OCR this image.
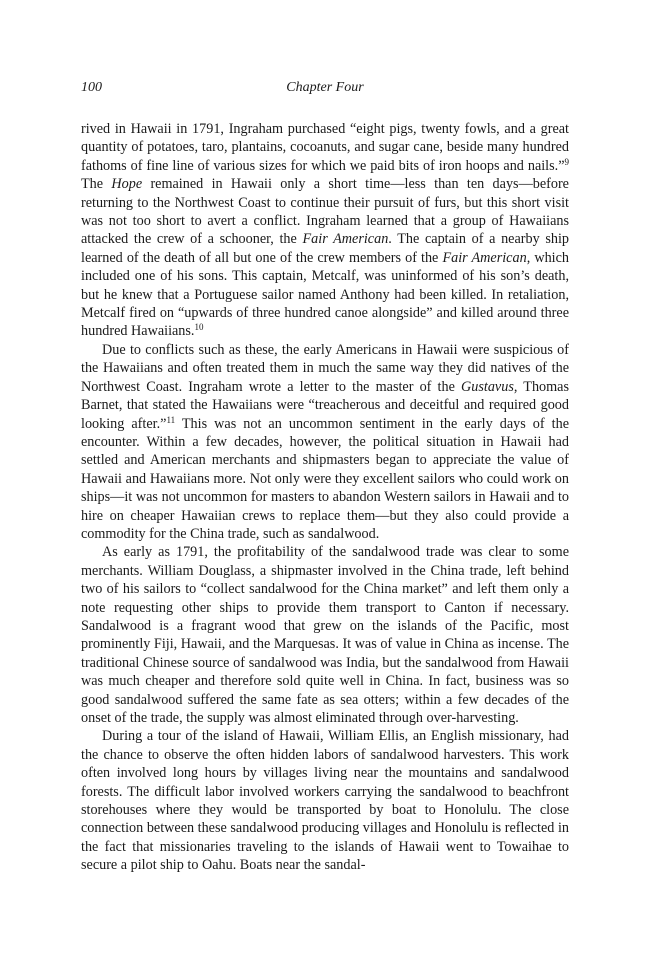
100	Chapter Four

rived in Hawaii in 1791, Ingraham purchased “eight pigs, twenty fowls, and a great quantity of potatoes, taro, plantains, cocoanuts, and sugar cane, beside many hundred fathoms of fine line of various sizes for which we paid bits of iron hoops and nails.”$^9$ The Hope remained in Hawaii only a short time—less than ten days—before returning to the Northwest Coast to continue their pursuit of furs, but this short visit was not too short to avert a conflict. Ingraham learned that a group of Hawaiians attacked the crew of a schooner, the Fair American. The captain of a nearby ship learned of the death of all but one of the crew members of the Fair American, which included one of his sons. This captain, Metcalf, was uninformed of his son’s death, but he knew that a Portuguese sailor named Anthony had been killed. In retaliation, Metcalf fired on “upwards of three hundred canoe alongside” and killed around three hundred Hawaiians.$^{10}$

Due to conflicts such as these, the early Americans in Hawaii were suspicious of the Hawaiians and often treated them in much the same way they did natives of the Northwest Coast. Ingraham wrote a letter to the master of the Gustavus, Thomas Barnet, that stated the Hawaiians were “treacherous and deceitful and required good looking after.”$^{11}$ This was not an uncommon sentiment in the early days of the encounter. Within a few decades, however, the political situation in Hawaii had settled and American merchants and shipmasters began to appreciate the value of Hawaii and Hawaiians more. Not only were they excellent sailors who could work on ships—it was not uncommon for masters to abandon Western sailors in Hawaii and to hire on cheaper Hawaiian crews to replace them—but they also could provide a commodity for the China trade, such as sandalwood.

As early as 1791, the profitability of the sandalwood trade was clear to some merchants. William Douglass, a shipmaster involved in the China trade, left behind two of his sailors to “collect sandalwood for the China market” and left them only a note requesting other ships to provide them transport to Canton if necessary. Sandalwood is a fragrant wood that grew on the islands of the Pacific, most prominently Fiji, Hawaii, and the Marquesas. It was of value in China as incense. The traditional Chinese source of sandalwood was India, but the sandalwood from Hawaii was much cheaper and therefore sold quite well in China. In fact, business was so good sandalwood suffered the same fate as sea otters; within a few decades of the onset of the trade, the supply was almost eliminated through over-harvesting.

During a tour of the island of Hawaii, William Ellis, an English missionary, had the chance to observe the often hidden labors of sandalwood harvesters. This work often involved long hours by villages living near the mountains and sandalwood forests. The difficult labor involved workers carrying the sandalwood to beachfront storehouses where they would be transported by boat to Honolulu. The close connection between these sandalwood producing villages and Honolulu is reflected in the fact that missionaries traveling to the islands of Hawaii went to Towaihae to secure a pilot ship to Oahu. Boats near the sandal-
